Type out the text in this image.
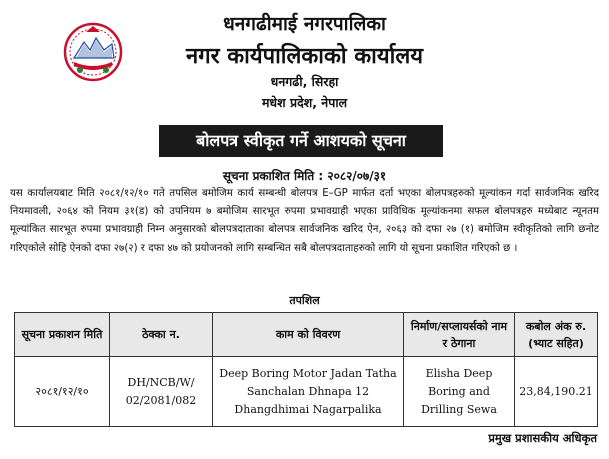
धनगढीमाई नगरपालिका
नगर कार्यपालिकाको कार्यालय
धनगढी, सिरहा
मधेश प्रदेश, नेपाल
बोलपत्र स्वीकृत गर्ने आशयको सूचना
सूचना प्रकाशित मिति : २०८२/०७/३१

यस कार्यालयबाट मिति २०८१/१२/१० गते तपसिल बमोजिम कार्य सम्बन्धी बोलपत्र E–GP मार्फत दर्ता भएका बोलपत्रहरुको मूल्यांकन गर्दा सार्वजनिक खरिद नियमावली, २०६४ को नियम ३१(ड) को उपनियम ७ बमोजिम सारभूत रुपमा प्रभावग्राही भएका प्राविधिक मूल्यांकनमा सफल बोलपत्रहरु मध्येबाट न्यूनतम मूल्यांकित सारभूत रुपमा प्रभावग्राही निम्न अनुसारको बोलपत्रदाताका बोलपत्र सार्वजनिक खरिद ऐन, २०६३ को दफा २७ (१) बमोजिम स्वीकृतिको लागि छनोट गरिएकोले सोहि ऐनको दफा २७(२) र दफा ४७ को प्रयोजनको लागि सम्बन्धित सबै बोलपत्रदाताहरुको लागि यो सूचना प्रकाशित गरिएको छ ।

तपशिल
सूचना प्रकाशन मिति	ठेक्का न.	काम को विवरण	निर्माण/सप्लायर्सको नाम र ठेगाना	कबोल अंक रु. (भ्याट सहित)
२०८१/१२/१०	DH/NCB/W/ 02/2081/082	Deep Boring Motor Jadan Tatha Sanchalan Dhnapa 12 Dhangdhimai Nagarpalika	Elisha Deep Boring and Drilling Sewa	23,84,190.21
प्रमुख प्रशासकीय अधिकृत
